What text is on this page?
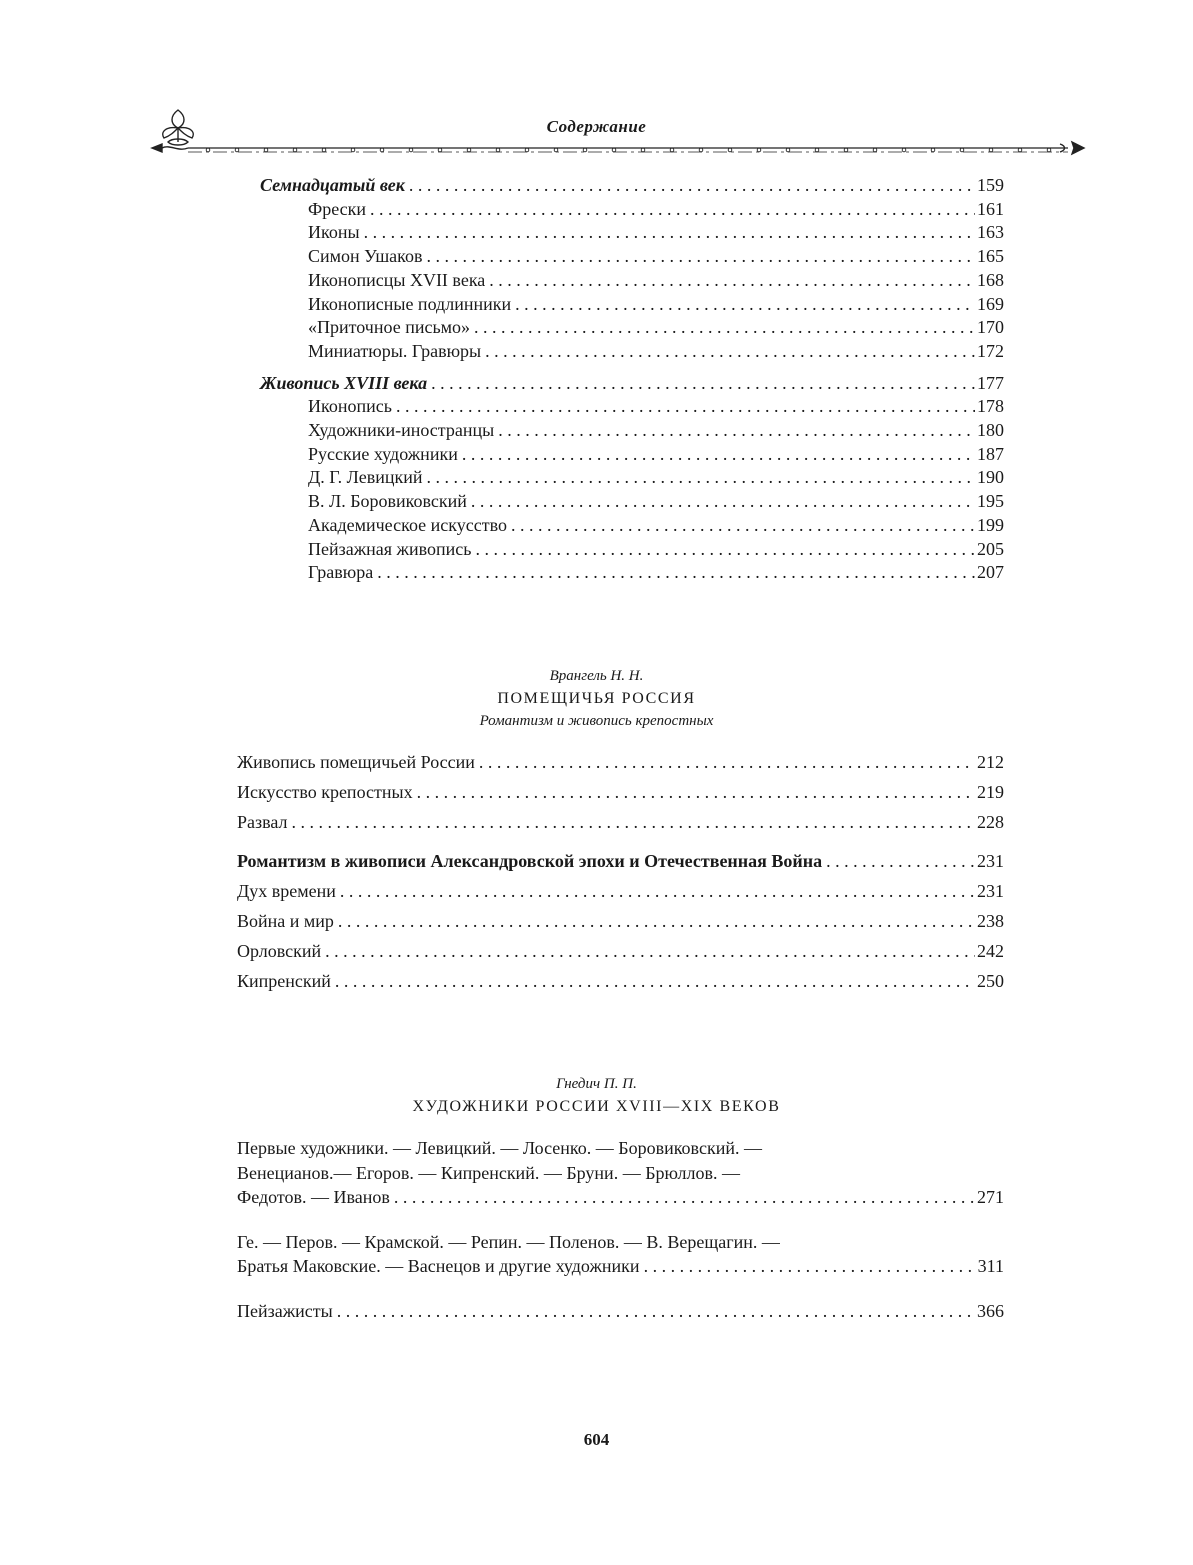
Содержание
Семнадцатый век . . .	159
Фрески . . .	161
Иконы . . .	163
Симон Ушаков . . .	165
Иконописцы XVII века . . .	168
Иконописные подлинники . . .	169
«Приточное письмо» . . .	170
Миниатюры. Гравюры . . .	172
Живопись XVIII века . . .	177
Иконопись . . .	178
Художники-иностранцы . . .	180
Русские художники . . .	187
Д. Г. Левицкий . . .	190
В. Л. Боровиковский . . .	195
Академическое искусство . . .	199
Пейзажная живопись . . .	205
Гравюра . . .	207
Врангель Н. Н.
ПОМЕЩИЧЬЯ РОССИЯ
Романтизм и живопись крепостных
Живопись помещичьей России . . .	212
Искусство крепостных . . .	219
Развал . . .	228
Романтизм в живописи Александровской эпохи и Отечественная Война . . .	231
Дух времени . . .	231
Война и мир . . .	238
Орловский . . .	242
Кипренский . . .	250
Гнедич П. П.
ХУДОЖНИКИ РОССИИ XVIII—XIX ВЕКОВ
Первые художники. — Левицкий. — Лосенко. — Боровиковский. —
Венецианов.— Егоров. — Кипренский. — Бруни. — Брюллов. —
Федотов. — Иванов . . .	271
Ге. — Перов. — Крамской. — Репин. — Поленов. — В. Верещагин. —
Братья Маковские. — Васнецов и другие художники . . .	311
Пейзажисты . . .	366
604
